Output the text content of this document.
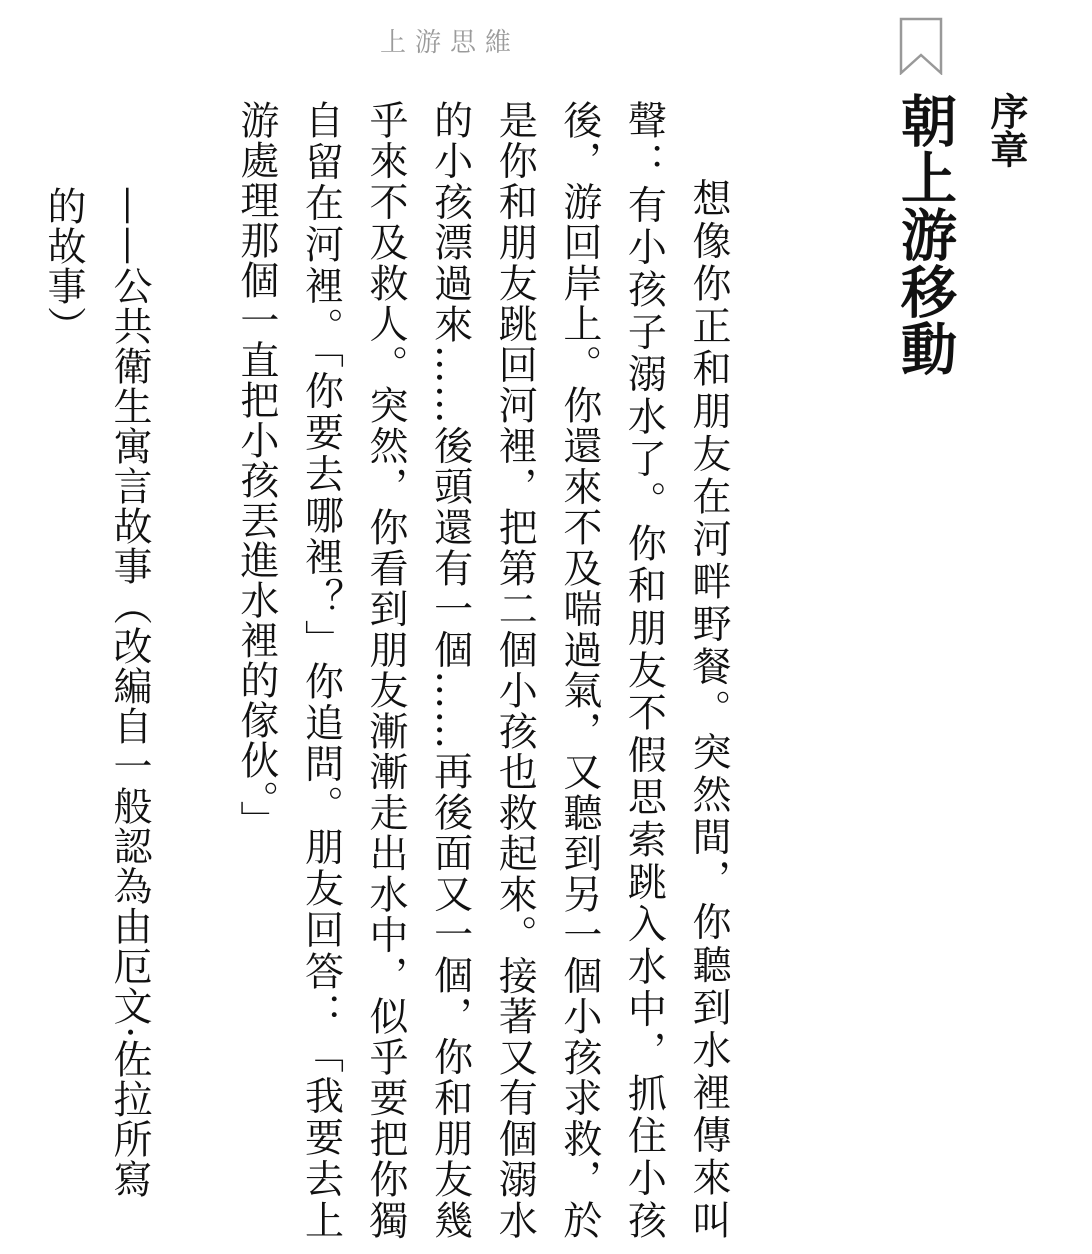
上游思維
序章
朝上游移動

想像你正和朋友在河畔野餐。突然間，你聽到水裡傳來叫聲：有小孩子溺水了。你和朋友不假思索跳入水中，抓住小孩後，游回岸上。你還來不及喘過氣，又聽到另一個小孩求救，於是你和朋友跳回河裡，把第二個小孩也救起來。接著又有個溺水的小孩漂過來……後頭還有一個……再後面又一個，你和朋友幾乎來不及救人。突然，你看到朋友漸漸走出水中，似乎要把你獨自留在河裡。「你要去哪裡？」你追問。朋友回答：「我要去上游處理那個一直把小孩丟進水裡的傢伙。」

——公共衛生寓言故事（改編自一般認為由厄文·佐拉所寫的故事）
